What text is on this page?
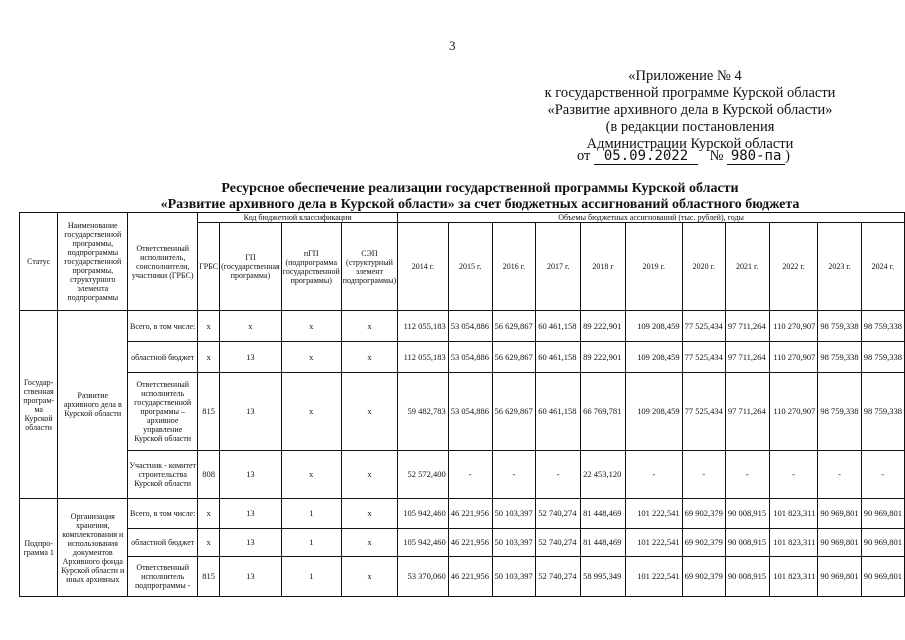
3
«Приложение № 4
к государственной программе Курской области
«Развитие архивного дела в Курской области»
(в редакции постановления
Администрации Курской области
от 05.09.2022 № 980-па )
Ресурсное обеспечение реализации государственной программы Курской области
«Развитие архивного дела в Курской области» за счет бюджетных ассигнований областного бюджета
Статус	Наименование государственной программы, подпрограммы государственной программы, структурного элемента подпрограммы	Ответственный исполнитель, соисполнители, участники (ГРБС)	Код бюджетной классификации				Объемы бюджетных ассигнований (тыс. рублей), годы										
			ГРБС	ГП (государственная программа)	пГП (подпрограмма государственной программы)	СЭП (структурный элемент подпрограммы)	2014 г.	2015 г.	2016 г.	2017 г.	2018 г	2019 г.	2020 г.	2021 г.	2022 г.	2023 г.	2024 г.
Государ-ственная програм-ма Курской области	Развитие архивного дела в Курской области	Всего, в том числе:	x	x	x	x	112 055,183	53 054,886	56 629,867	60 461,158	89 222,901	109 208,459	77 525,434	97 711,264	110 270,907	98 759,338	98 759,338
		областной бюджет	x	13	x	x	112 055,183	53 054,886	56 629,867	60 461,158	89 222,901	109 208,459	77 525,434	97 711,264	110 270,907	98 759,338	98 759,338
		Ответственный исполнитель государственной программы – архивное управление Курской области	815	13	x	x	59 482,783	53 054,886	56 629,867	60 461,158	66 769,781	109 208,459	77 525,434	97 711,264	110 270,907	98 759,338	98 759,338
		Участник - комитет строительства Курской области	808	13	x	x	52 572,400	-	-	-	22 453,120	-	-	-	-	-	-
Подпро-грамма 1	Организация хранения, комплектования и использования документов Архивного фонда Курской области и иных архивных	Всего, в том числе:	x	13	1	x	105 942,460	46 221,956	50 103,397	52 740,274	81 448,469	101 222,541	69 902,379	90 008,915	101 823,311	90 969,801	90 969,801
		областной бюджет	x	13	1	x	105 942,460	46 221,956	50 103,397	52 740,274	81 448,469	101 222,541	69 902,379	90 008,915	101 823,311	90 969,801	90 969,801
		Ответственный исполнитель подпрограммы -	815	13	1	x	53 370,060	46 221,956	50 103,397	52 740,274	58 995,349	101 222,541	69 902,379	90 008,915	101 823,311	90 969,801	90 969,801
